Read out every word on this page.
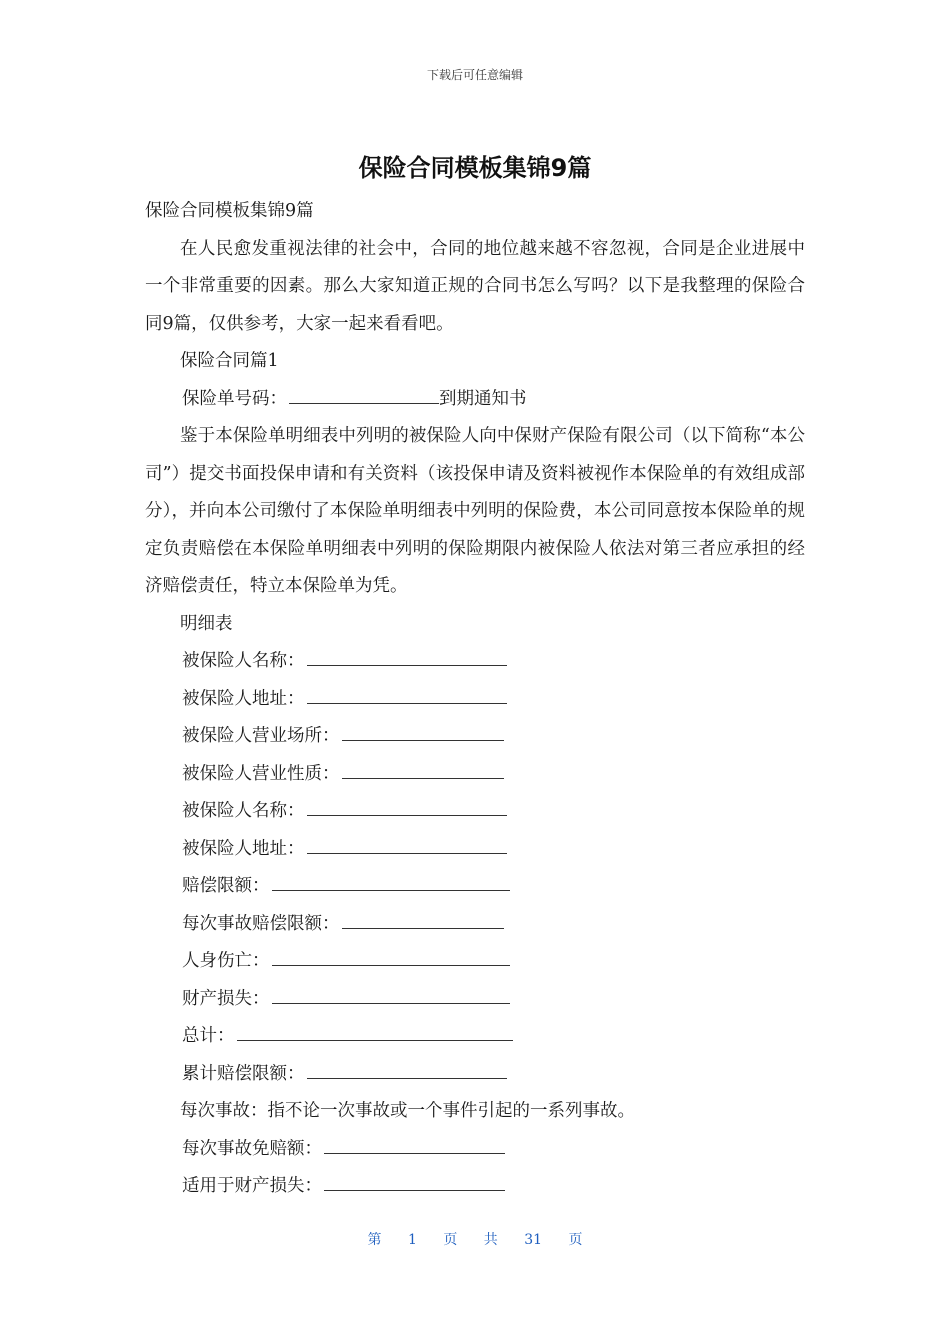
下载后可任意编辑
保险合同模板集锦9篇

保险合同模板集锦9篇

在人民愈发重视法律的社会中，合同的地位越来越不容忽视，合同是企业进展中一个非常重要的因素。那么大家知道正规的合同书怎么写吗？以下是我整理的保险合同9篇，仅供参考，大家一起来看看吧。

保险合同篇1

保险单号码：	到期通知书

鉴于本保险单明细表中列明的被保险人向中保财产保险有限公司（以下简称“本公司”）提交书面投保申请和有关资料（该投保申请及资料被视作本保险单的有效组成部分），并向本公司缴付了本保险单明细表中列明的保险费，本公司同意按本保险单的规定负责赔偿在本保险单明细表中列明的保险期限内被保险人依法对第三者应承担的经济赔偿责任，特立本保险单为凭。

明细表

被保险人名称：

被保险人地址：

被保险人营业场所：

被保险人营业性质：

被保险人名称：

被保险人地址：

赔偿限额：

每次事故赔偿限额：

人身伤亡：

财产损失：

总计：

累计赔偿限额：

每次事故：指不论一次事故或一个事件引起的一系列事故。

每次事故免赔额：

适用于财产损失：

第 1 页 共 31 页
